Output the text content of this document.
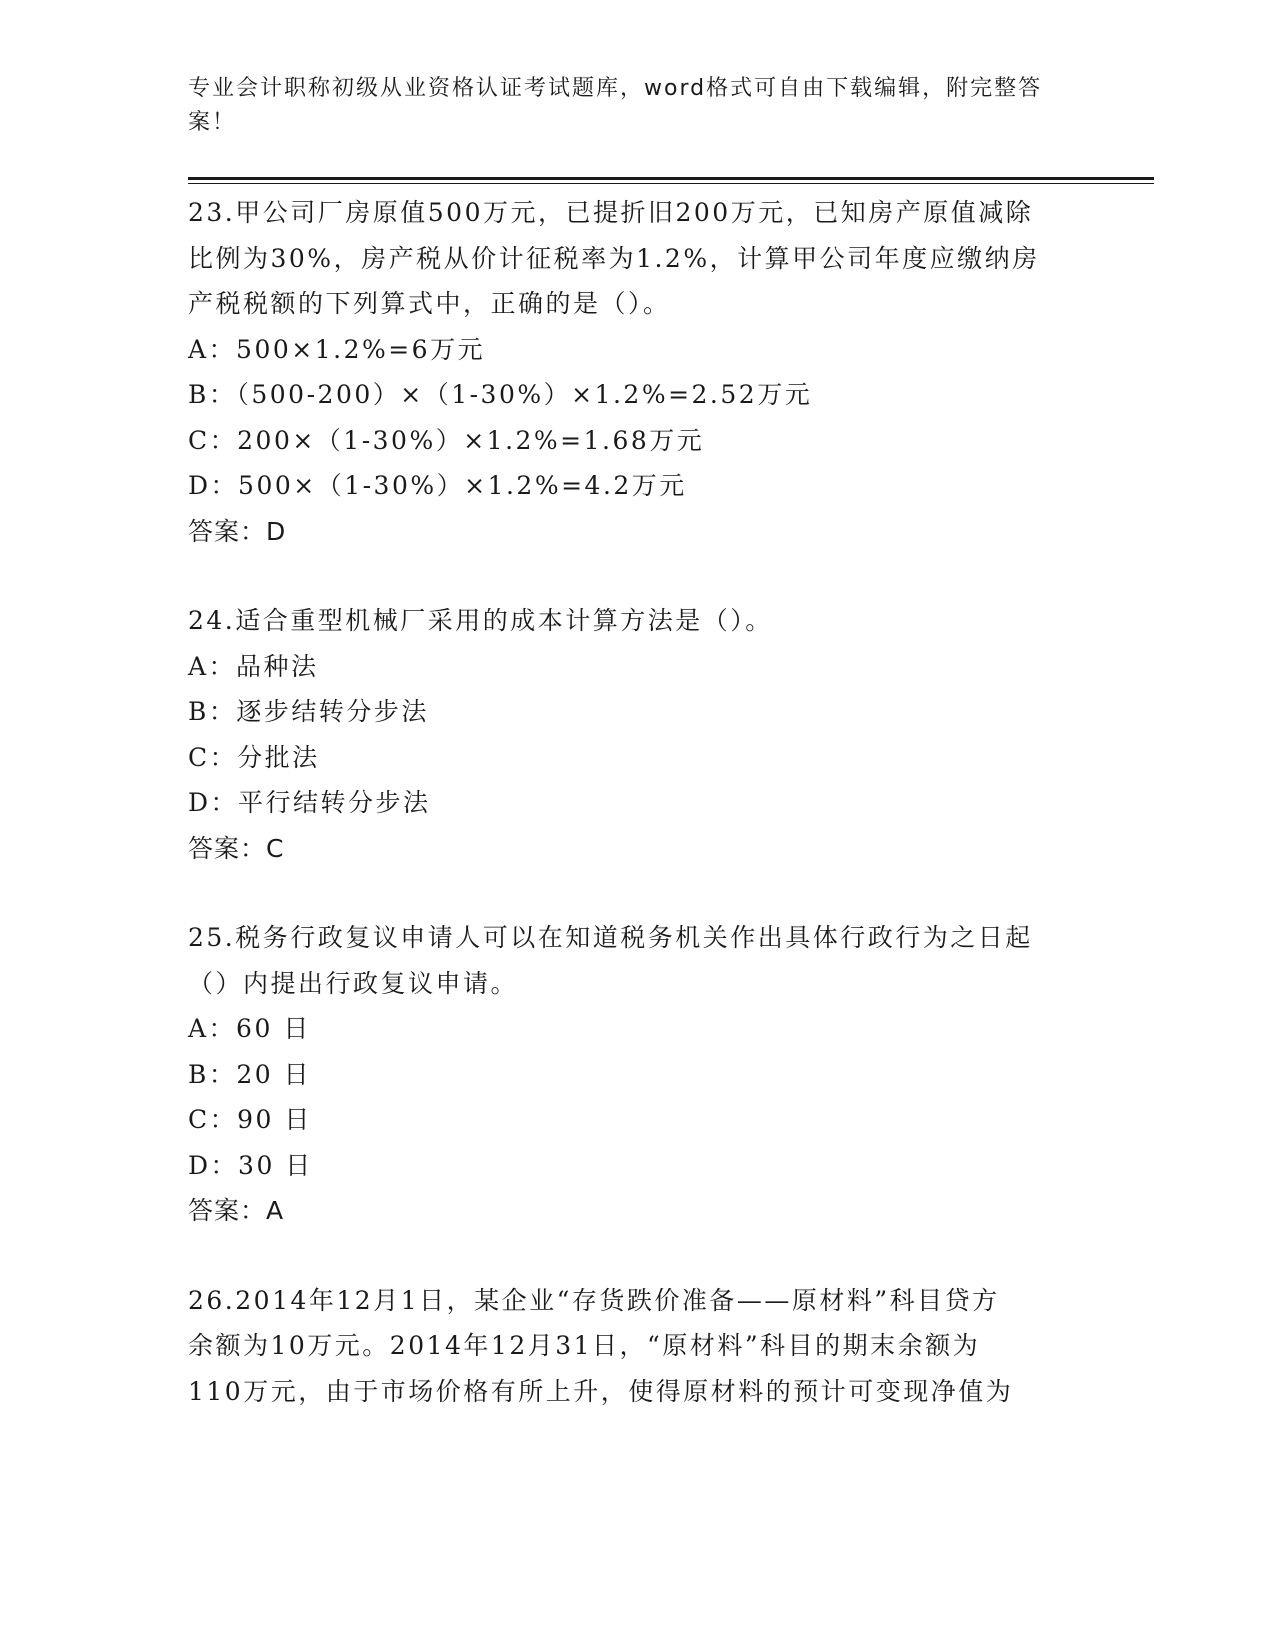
专业会计职称初级从业资格认证考试题库，word格式可自由下载编辑，附完整答
案！

23.甲公司厂房原值500万元，已提折旧200万元，已知房产原值减除

比例为30%，房产税从价计征税率为1.2%，计算甲公司年度应缴纳房

产税税额的下列算式中，正确的是（）。

A：500×1.2%=6万元

B：（500-200）×（1-30%）×1.2%=2.52万元

C：200×（1-30%）×1.2%=1.68万元

D：500×（1-30%）×1.2%=4.2万元

答案：D

24.适合重型机械厂采用的成本计算方法是（）。

A：品种法

B：逐步结转分步法

C：分批法

D：平行结转分步法

答案：C

25.税务行政复议申请人可以在知道税务机关作出具体行政行为之日起

（）内提出行政复议申请。

A：60 日

B：20 日

C：90 日

D：30 日

答案：A

26.2014年12月1日，某企业“存货跌价准备——原材料”科目贷方

余额为10万元。2014年12月31日，“原材料”科目的期末余额为

110万元，由于市场价格有所上升，使得原材料的预计可变现净值为
